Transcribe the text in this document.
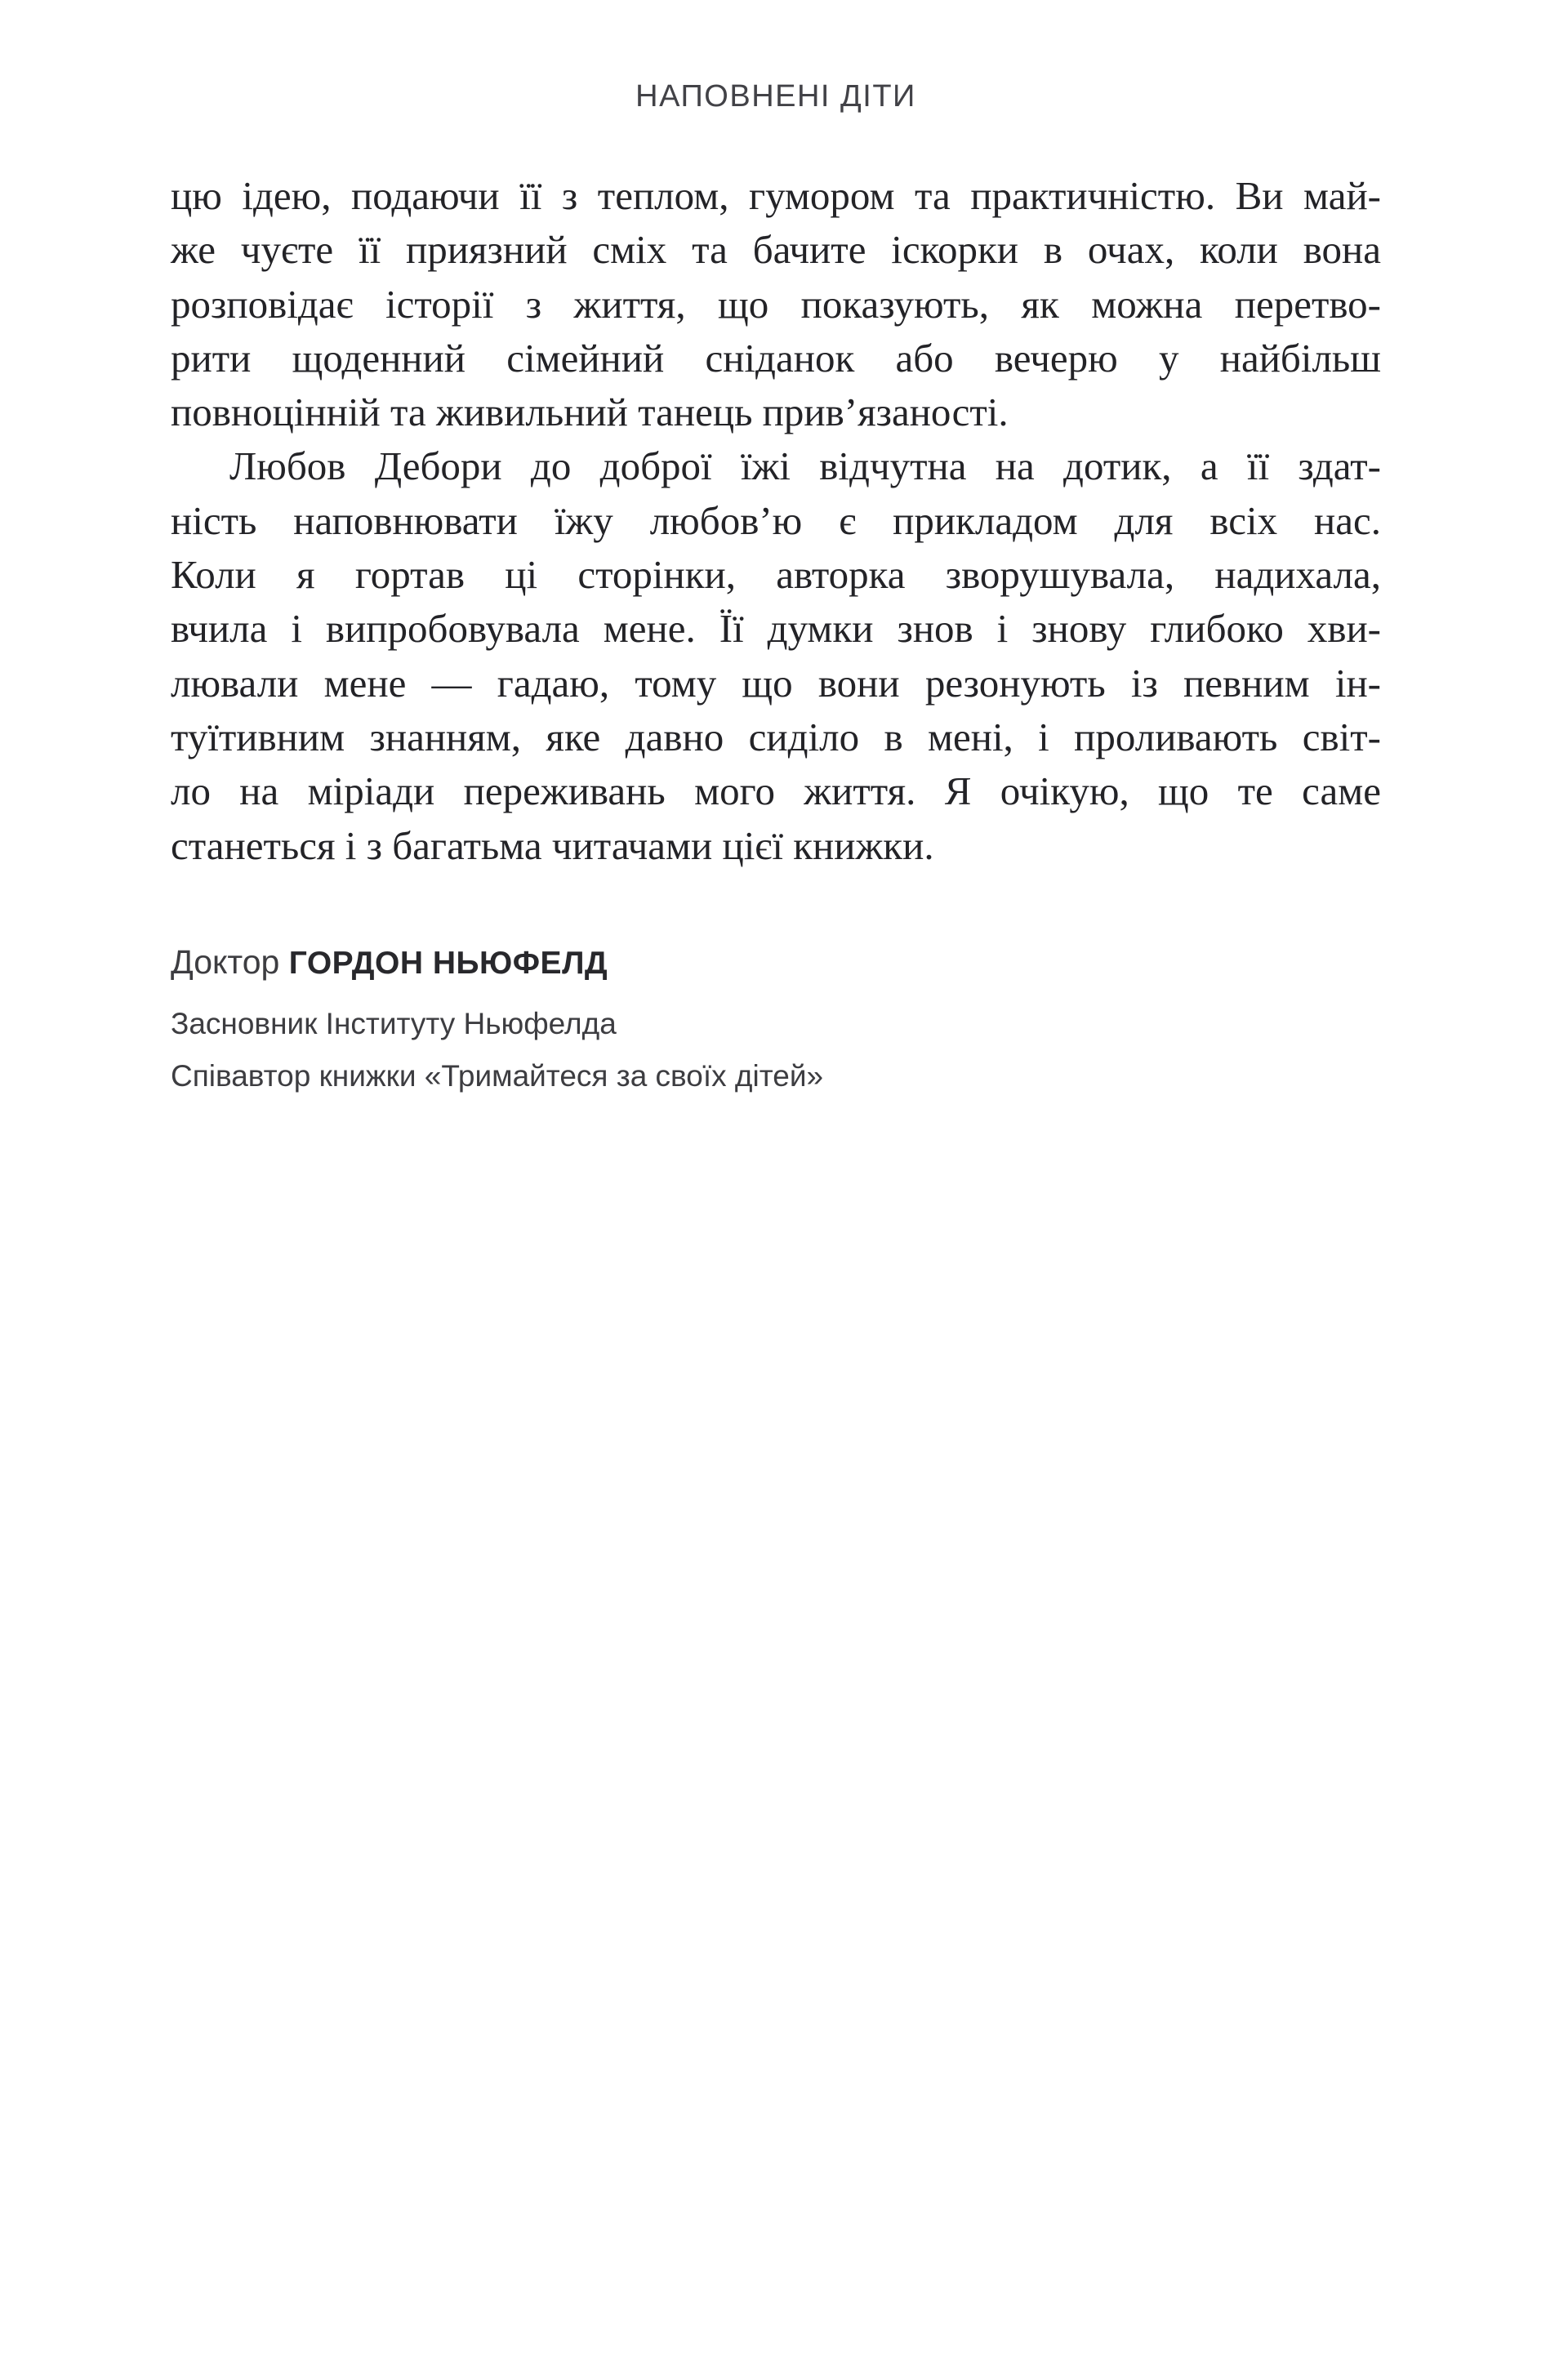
НАПОВНЕНІ ДІТИ

цю ідею, подаючи її з теплом, гумором та практичністю. Ви май-
же чуєте її приязний сміх та бачите іскорки в очах, коли вона
розповідає історії з життя, що показують, як можна перетво-
рити щоденний сімейний сніданок або вечерю у найбільш
повноцінній та живильний танець прив’язаності.

Любов Дебори до доброї їжі відчутна на дотик, а її здат-
ність наповнювати їжу любов’ю є прикладом для всіх нас.
Коли я гортав ці сторінки, авторка зворушувала, надихала,
вчила і випробовувала мене. Її думки знов і знову глибоко хви-
лювали мене — гадаю, тому що вони резонують із певним ін-
туїтивним знанням, яке давно сиділо в мені, і проливають світ-
ло на міріади переживань мого життя. Я очікую, що те саме
станеться і з багатьма читачами цієї книжки.

Доктор ГОРДОН НЬЮФЕЛД
Засновник Інституту Ньюфелда
Співавтор книжки «Тримайтеся за своїх дітей»
